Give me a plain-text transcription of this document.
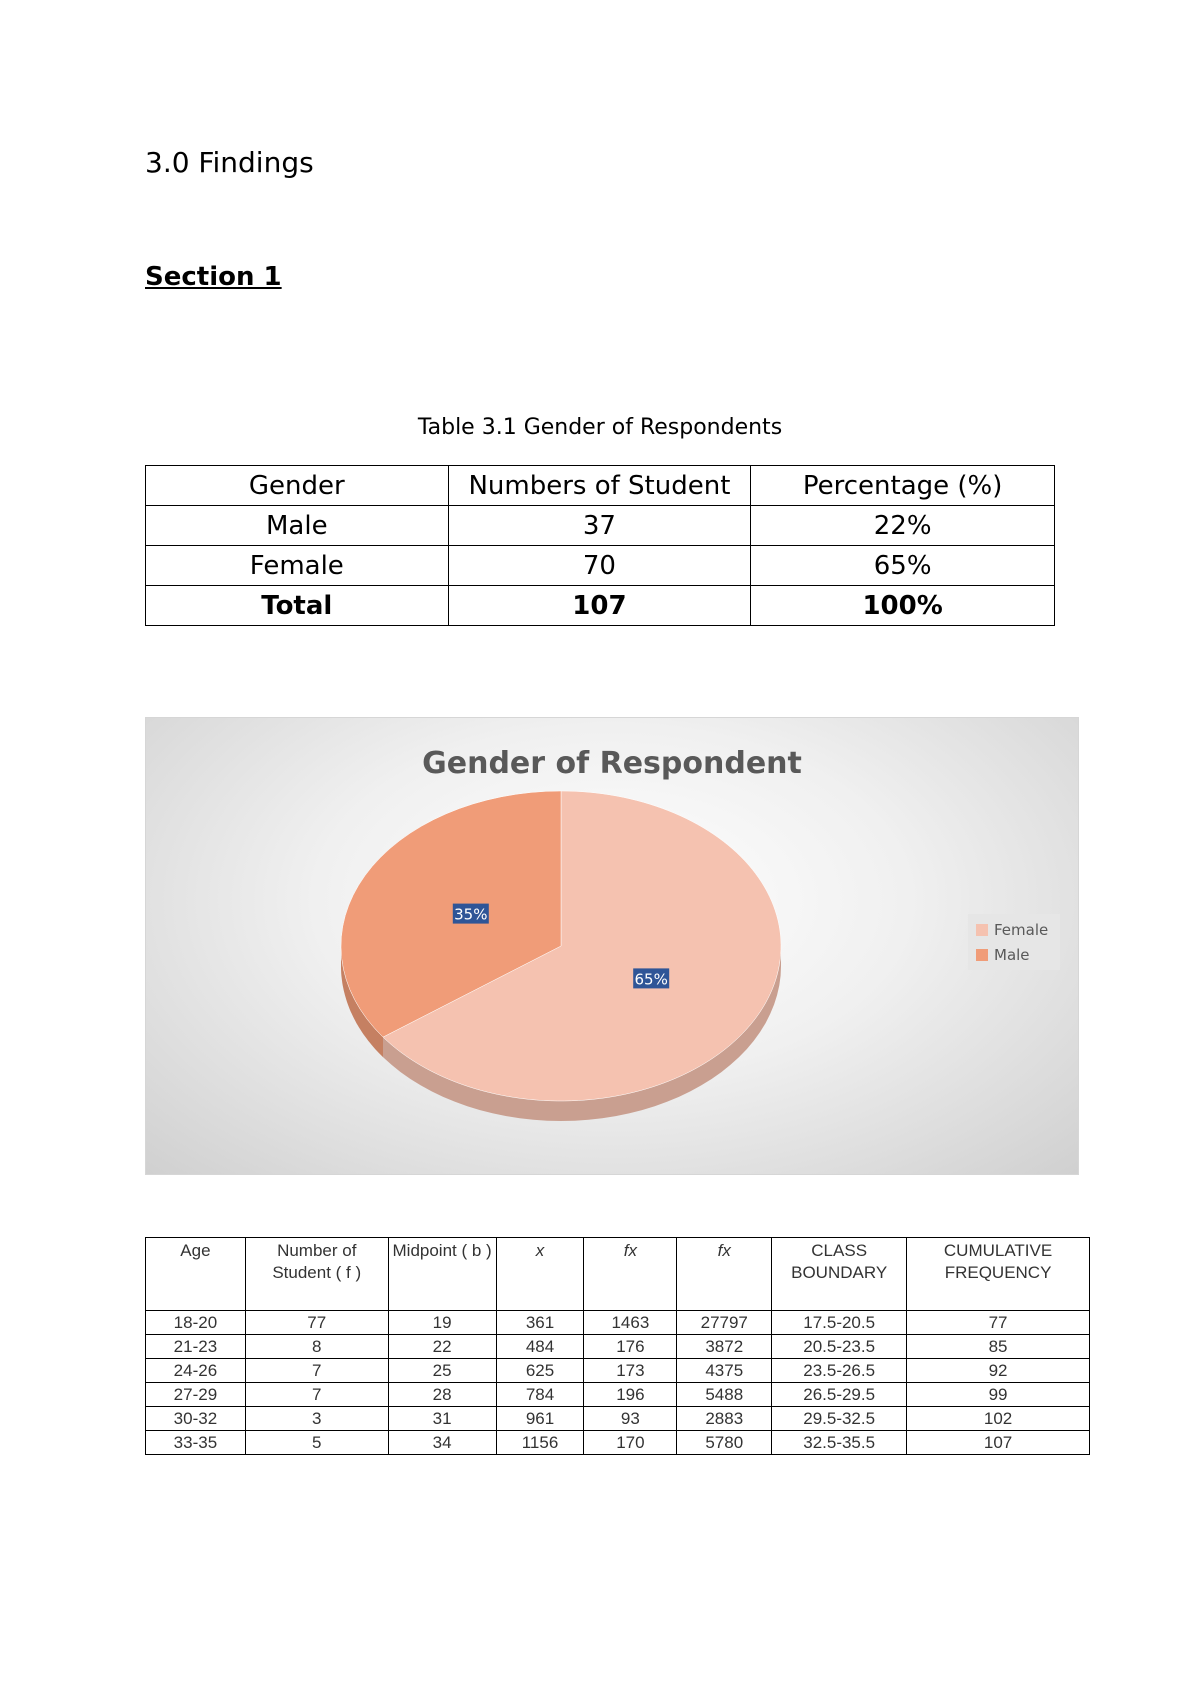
3.0 Findings
Section 1
Table 3.1 Gender of Respondents
Gender	Numbers of Student	Percentage (%)
Male	37	22%
Female	70	65%
Total	107	100%
Gender of Respondent
65%
35%
Female
Male
Age	Number of Student ( f )	Midpoint ( b )	x	fx	fx	CLASS BOUNDARY	CUMULATIVE FREQUENCY
18-20	77	19	361	1463	27797	17.5-20.5	77
21-23	8	22	484	176	3872	20.5-23.5	85
24-26	7	25	625	173	4375	23.5-26.5	92
27-29	7	28	784	196	5488	26.5-29.5	99
30-32	3	31	961	93	2883	29.5-32.5	102
33-35	5	34	1156	170	5780	32.5-35.5	107
